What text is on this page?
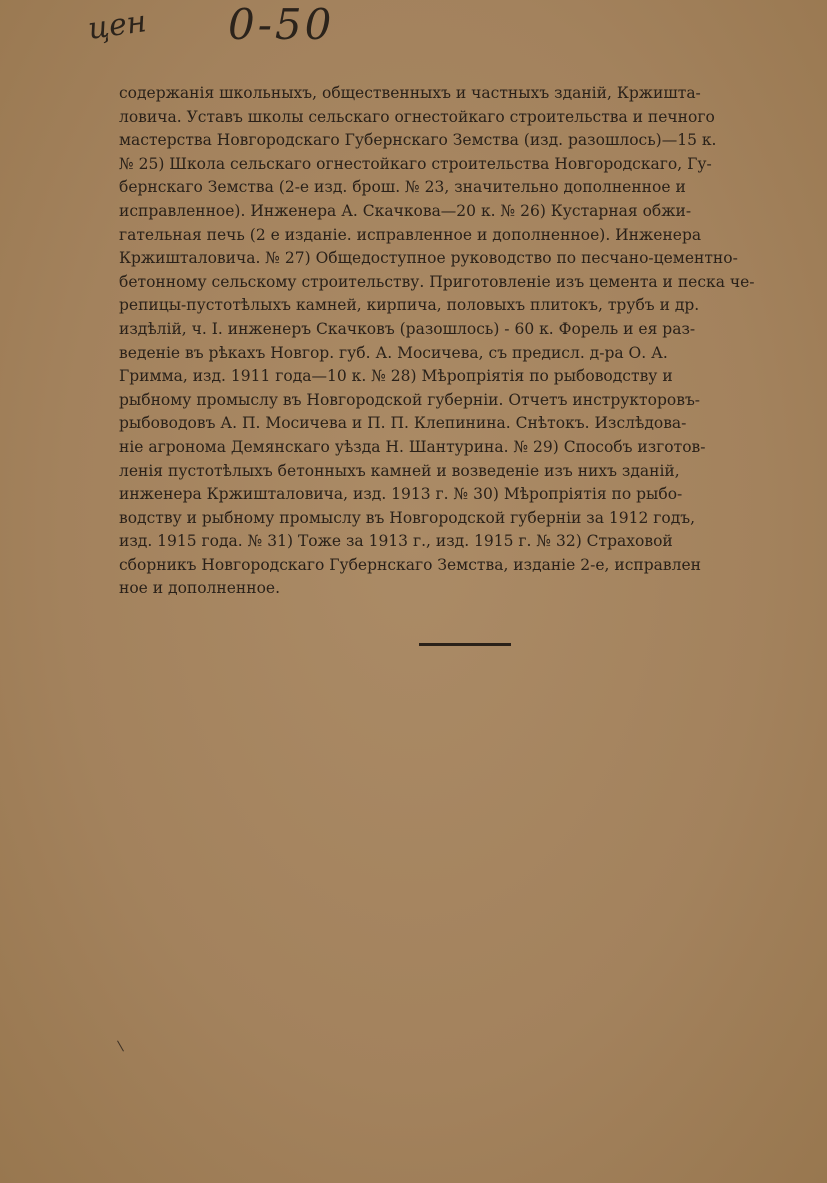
цен 0-50
содержанія школьныхъ, общественныхъ и частныхъ зданій, Кржишта-
ловича. Уставъ школы сельскаго огнестойкаго строительства и печного
мастерства Новгородскаго Губернскаго Земства (изд. разошлось)—15 к.
№ 25) Школа сельскаго огнестойкаго строительства Новгородскаго, Гу-
бернскаго Земства (2-е изд. брош. № 23, значительно дополненное и
исправленное). Инженера А. Скачкова—20 к. № 26) Кустарная обжи-
гательная печь (2 е изданіе. исправленное и дополненное). Инженера
Кржишталовича. № 27) Общедоступное руководство по песчано-цементно-
бетонному сельскому строительству. Приготовленіе изъ цемента и песка че-
репицы-пустотѣлыхъ камней, кирпича, половыхъ плитокъ, трубъ и др.
издѣлій, ч. I. инженеръ Скачковъ (разошлось) - 60 к. Форель и ея раз-
веденіе въ рѣкахъ Новгор. губ. А. Мосичева, съ предисл. д-ра О. А.
Гримма, изд. 1911 года—10 к. № 28) Мѣропріятія по рыбоводству и
рыбному промыслу въ Новгородской губерніи. Отчетъ инструкторовъ-
рыбоводовъ А. П. Мосичева и П. П. Клепинина. Снѣтокъ. Изслѣдова-
ніе агронома Демянскаго уѣзда Н. Шантурина. № 29) Способъ изготов-
ленія пустотѣлыхъ бетонныхъ камней и возведеніе изъ нихъ зданій,
инженера Кржишталовича, изд. 1913 г. № 30) Мѣропріятія по рыбо-
водству и рыбному промыслу въ Новгородской губерніи за 1912 годъ,
изд. 1915 года. № 31) Тоже за 1913 г., изд. 1915 г. № 32) Страховой
сборникъ Новгородскаго Губернскаго Земства, изданіе 2-е, исправлен
ное и дополненное.
